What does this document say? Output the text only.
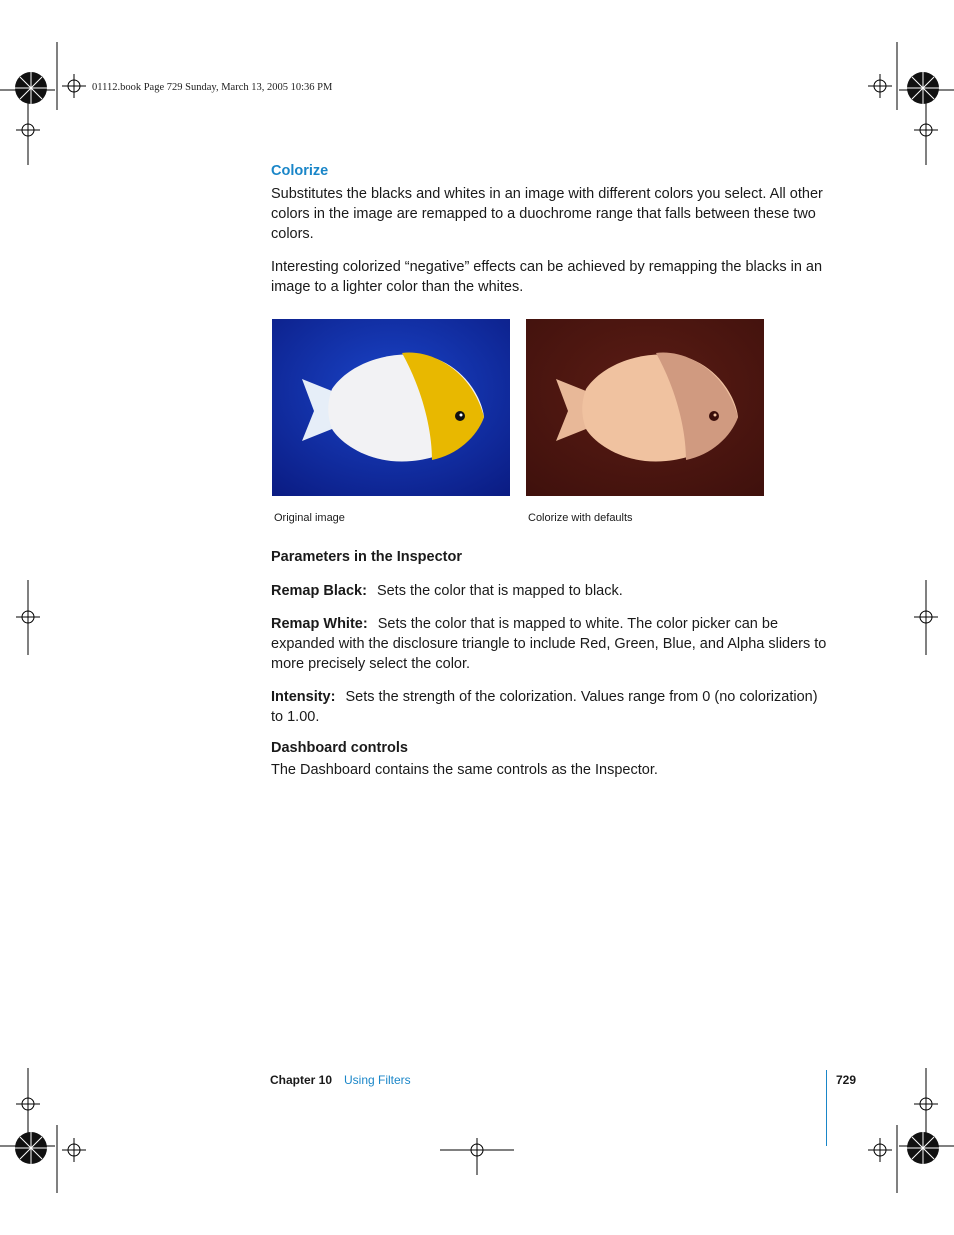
01112.book Page 729 Sunday, March 13, 2005 10:36 PM
Colorize
Substitutes the blacks and whites in an image with different colors you select. All other colors in the image are remapped to a duochrome range that falls between these two colors.
Interesting colorized “negative” effects can be achieved by remapping the blacks in an image to a lighter color than the whites.
Original image	Colorize with defaults
Parameters in the Inspector
Remap Black: Sets the color that is mapped to black.
Remap White: Sets the color that is mapped to white. The color picker can be expanded with the disclosure triangle to include Red, Green, Blue, and Alpha sliders to more precisely select the color.
Intensity: Sets the strength of the colorization. Values range from 0 (no colorization) to 1.00.
Dashboard controls
The Dashboard contains the same controls as the Inspector.
Chapter 10 Using Filters	729
